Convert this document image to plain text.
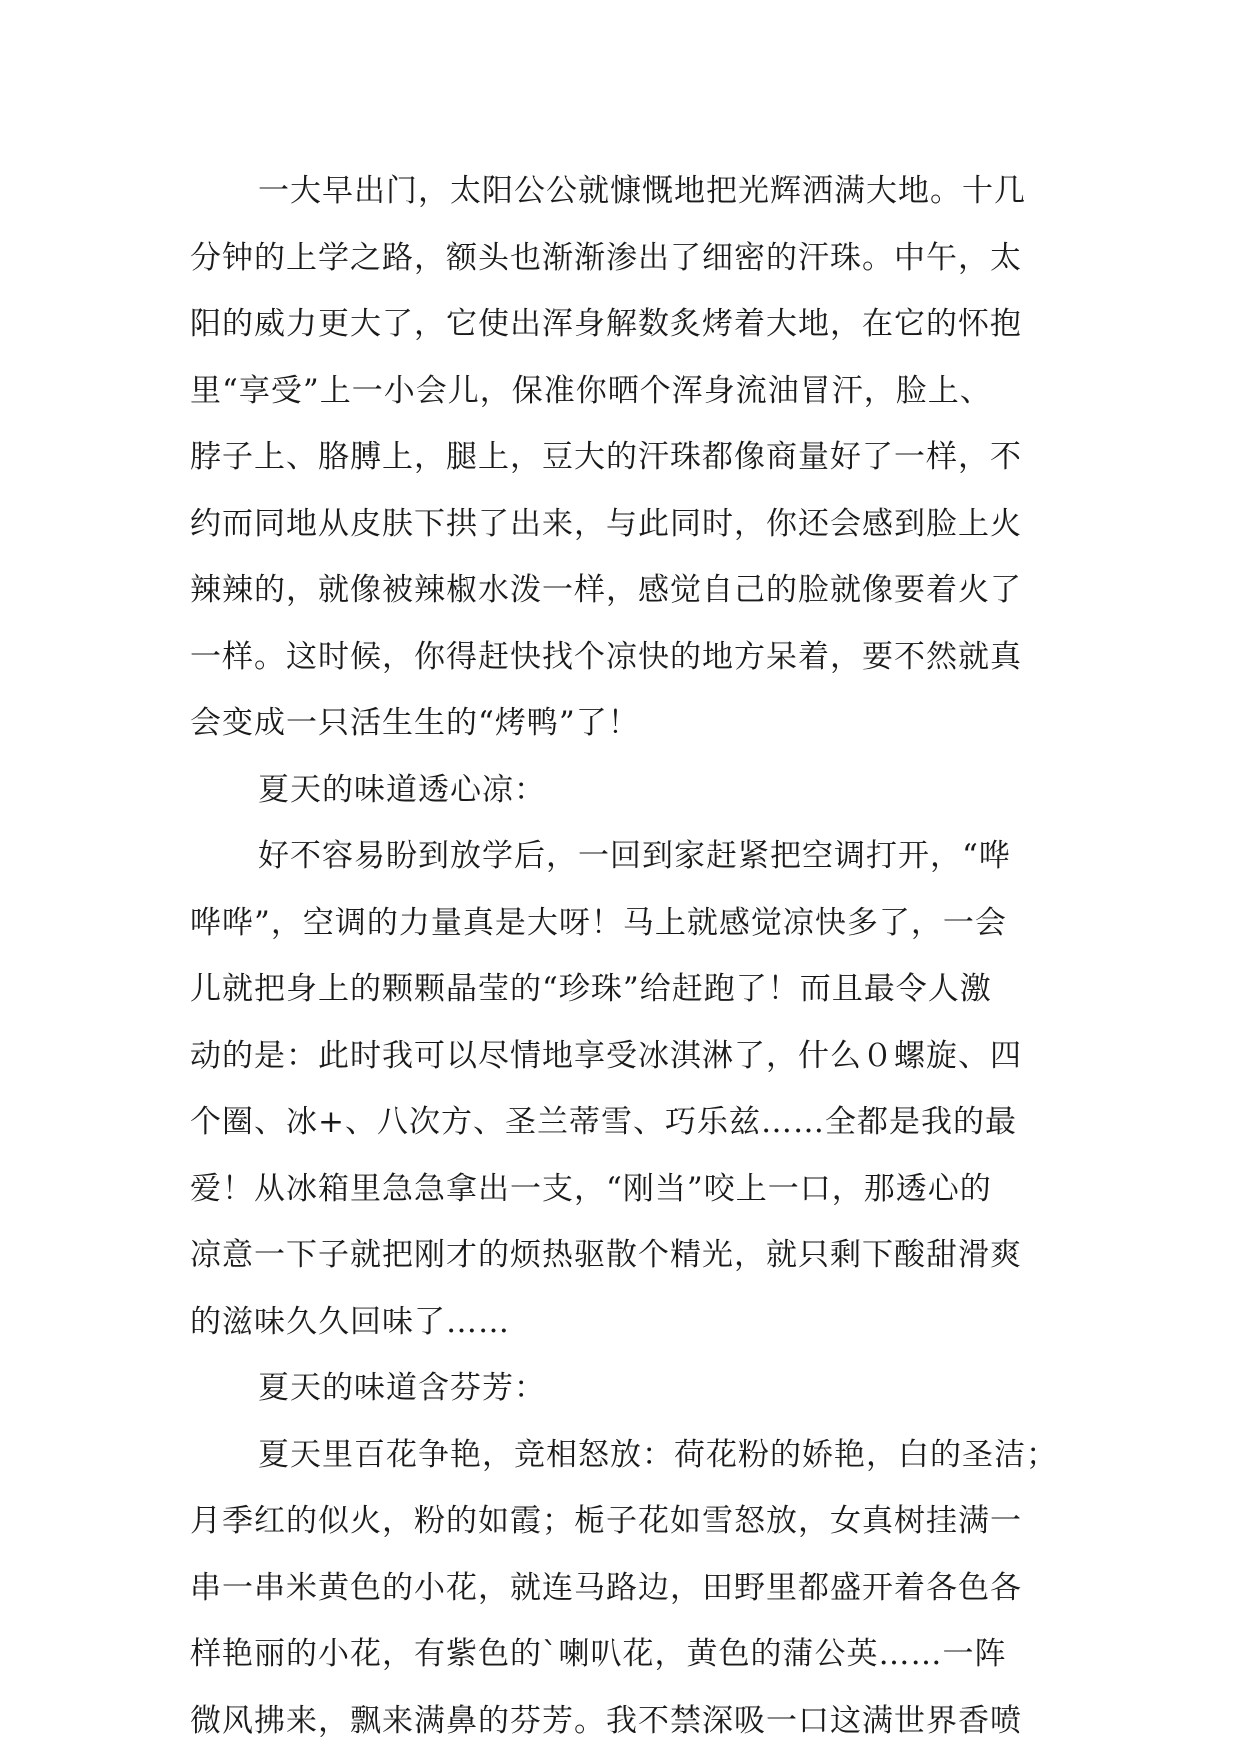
一大早出门，太阳公公就慷慨地把光辉洒满大地。十几
分钟的上学之路，额头也渐渐渗出了细密的汗珠。中午，太
阳的威力更大了，它使出浑身解数炙烤着大地，在它的怀抱
里“享受”上一小会儿，保准你晒个浑身流油冒汗，脸上、
脖子上、胳膊上，腿上，豆大的汗珠都像商量好了一样，不
约而同地从皮肤下拱了出来，与此同时，你还会感到脸上火
辣辣的，就像被辣椒水泼一样，感觉自己的脸就像要着火了
一样。这时候，你得赶快找个凉快的地方呆着，要不然就真
会变成一只活生生的“烤鸭”了！
夏天的味道透心凉：
好不容易盼到放学后，一回到家赶紧把空调打开，“哗
哗哗”，空调的力量真是大呀！马上就感觉凉快多了，一会
儿就把身上的颗颗晶莹的“珍珠”给赶跑了！而且最令人激
动的是：此时我可以尽情地享受冰淇淋了，什么０螺旋、四
个圈、冰+、八次方、圣兰蒂雪、巧乐兹……全都是我的最
爱！从冰箱里急急拿出一支，“刚当”咬上一口，那透心的
凉意一下子就把刚才的烦热驱散个精光，就只剩下酸甜滑爽
的滋味久久回味了……
夏天的味道含芬芳：
夏天里百花争艳，竞相怒放：荷花粉的娇艳，白的圣洁；
月季红的似火，粉的如霞；栀子花如雪怒放，女真树挂满一
串一串米黄色的小花，就连马路边，田野里都盛开着各色各
样艳丽的小花，有紫色的`喇叭花，黄色的蒲公英……一阵
微风拂来，飘来满鼻的芬芳。我不禁深吸一口这满世界香喷
